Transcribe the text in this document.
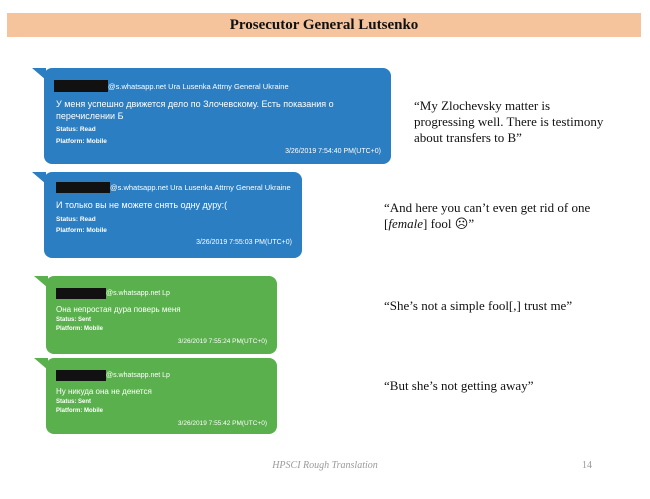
Prosecutor General Lutsenko
@s.whatsapp.net Ura Lusenka Attrny General Ukraine
У меня успешно движется дело по Злочевскому. Есть показания о перечислении Б
Status: Read
Platform: Mobile
3/26/2019 7:54:40 PM(UTC+0)
“My Zlochevsky matter is progressing well. There is testimony about transfers to B”
@s.whatsapp.net Ura Lusenka Attrny General Ukraine
И только вы не можете снять одну дуру:(
Status: Read
Platform: Mobile
3/26/2019 7:55:03 PM(UTC+0)
“And here you can’t even get rid of one [female] fool ☹”
@s.whatsapp.net Lp
Она непростая дура поверь меня
Status: Sent
Platform: Mobile
3/26/2019 7:55:24 PM(UTC+0)
“She’s not a simple fool[,] trust me”
@s.whatsapp.net Lp
Ну никуда она не денется
Status: Sent
Platform: Mobile
3/26/2019 7:55:42 PM(UTC+0)
“But she’s not getting away”
HPSCI Rough Translation	14
